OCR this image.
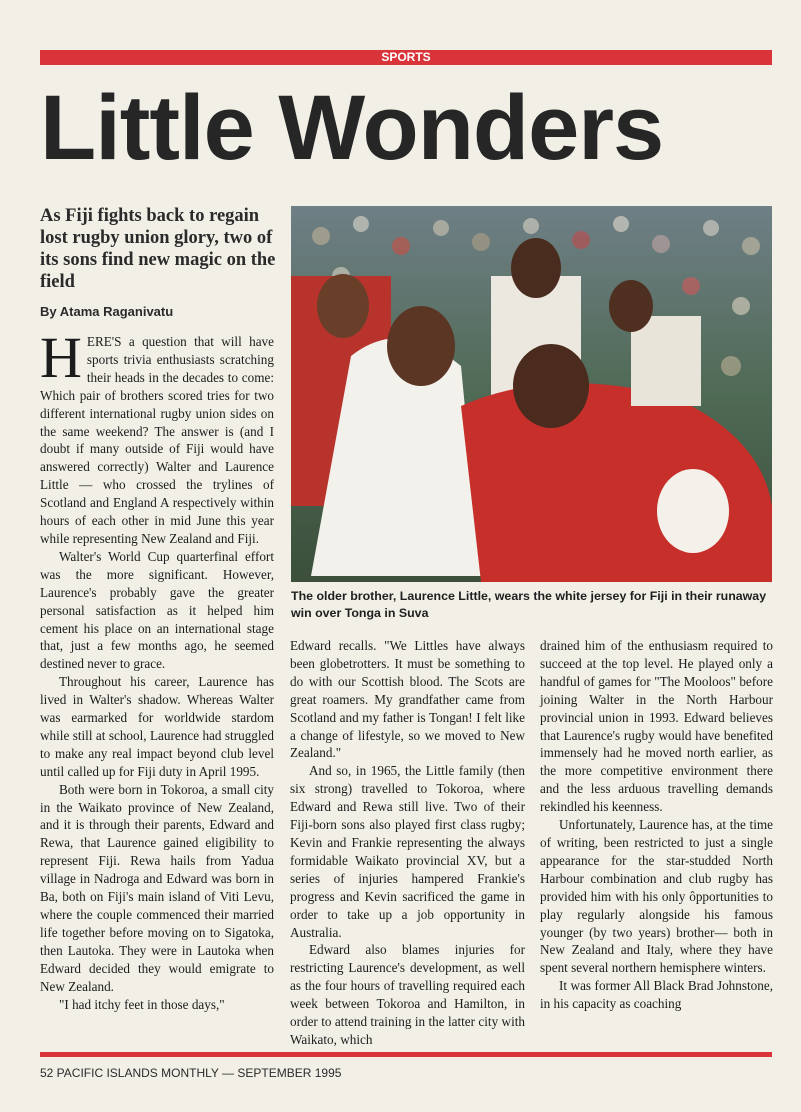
SPORTS
Little Wonders
As Fiji fights back to regain lost rugby union glory, two of its sons find new magic on the field
By Atama Raganivatu

HERE'S a question that will have sports trivia enthusiasts scratching their heads in the decades to come: Which pair of brothers scored tries for two different international rugby union sides on the same weekend? The answer is (and I doubt if many outside of Fiji would have answered correctly) Walter and Laurence Little — who crossed the trylines of Scotland and England A respectively within hours of each other in mid June this year while representing New Zealand and Fiji.

Walter's World Cup quarterfinal effort was the more significant. However, Laurence's probably gave the greater personal satisfaction as it helped him cement his place on an international stage that, just a few months ago, he seemed destined never to grace.

Throughout his career, Laurence has lived in Walter's shadow. Whereas Walter was earmarked for worldwide stardom while still at school, Laurence had struggled to make any real impact beyond club level until called up for Fiji duty in April 1995.

Both were born in Tokoroa, a small city in the Waikato province of New Zealand, and it is through their parents, Edward and Rewa, that Laurence gained eligibility to represent Fiji. Rewa hails from Yadua village in Nadroga and Edward was born in Ba, both on Fiji's main island of Viti Levu, where the couple commenced their married life together before moving on to Sigatoka, then Lautoka. They were in Lautoka when Edward decided they would emigrate to New Zealand.

"I had itchy feet in those days,"

The older brother, Laurence Little, wears the white jersey for Fiji in their runaway win over Tonga in Suva

Edward recalls. "We Littles have always been globetrotters. It must be something to do with our Scottish blood. The Scots are great roamers. My grandfather came from Scotland and my father is Tongan! I felt like a change of lifestyle, so we moved to New Zealand."

And so, in 1965, the Little family (then six strong) travelled to Tokoroa, where Edward and Rewa still live. Two of their Fiji-born sons also played first class rugby; Kevin and Frankie representing the always formidable Waikato provincial XV, but a series of injuries hampered Frankie's progress and Kevin sacrificed the game in order to take up a job opportunity in Australia.

Edward also blames injuries for restricting Laurence's development, as well as the four hours of travelling required each week between Tokoroa and Hamilton, in order to attend training in the latter city with Waikato, which

drained him of the enthusiasm required to succeed at the top level. He played only a handful of games for "The Mooloos" before joining Walter in the North Harbour provincial union in 1993. Edward believes that Laurence's rugby would have benefited immensely had he moved north earlier, as the more competitive environment there and the less arduous travelling demands rekindled his keenness.

Unfortunately, Laurence has, at the time of writing, been restricted to just a single appearance for the star-studded North Harbour combination and club rugby has provided him with his only ôpportunities to play regularly alongside his famous younger (by two years) brother— both in New Zealand and Italy, where they have spent several northern hemisphere winters.

It was former All Black Brad Johnstone, in his capacity as coaching

52 PACIFIC ISLANDS MONTHLY — SEPTEMBER 1995
